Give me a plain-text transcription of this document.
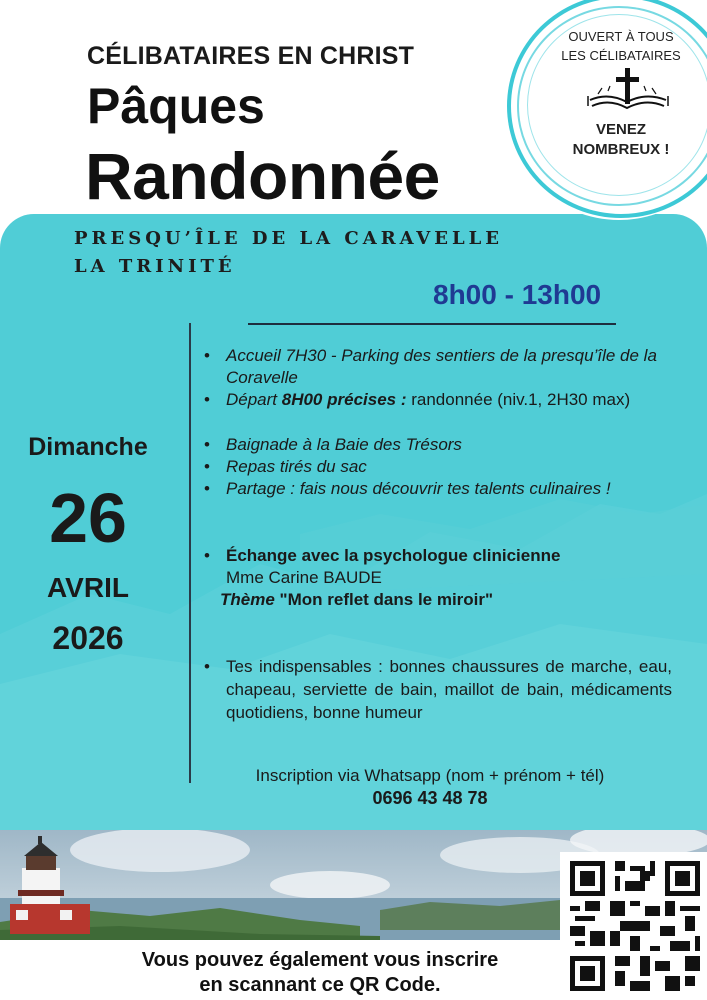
OUVERT À TOUS
LES CÉLIBATAIRES
VENEZ
NOMBREUX !
CÉLIBATAIRES EN CHRIST
Pâques
Randonnée
PRESQU’ÎLE DE LA CARAVELLE
LA TRINITÉ
8h00 - 13h00
Dimanche
26
AVRIL
2026
• Accueil 7H30 - Parking des sentiers de la presqu’île de la Coravelle
• Départ 8H00 précises : randonnée (niv.1, 2H30 max)
• Baignade à la Baie des Trésors
• Repas tirés du sac
• Partage : fais nous découvrir tes talents culinaires !
• Échange avec la psychologue clinicienne
Mme Carine BAUDE
Thème "Mon reflet dans le miroir"
• Tes indispensables : bonnes chaussures de marche, eau, chapeau, serviette de bain, maillot de bain, médicaments quotidiens, bonne humeur
Inscription via Whatsapp (nom + prénom + tél)
0696 43 48 78
Vous pouvez également vous inscrire
en scannant ce QR Code.
